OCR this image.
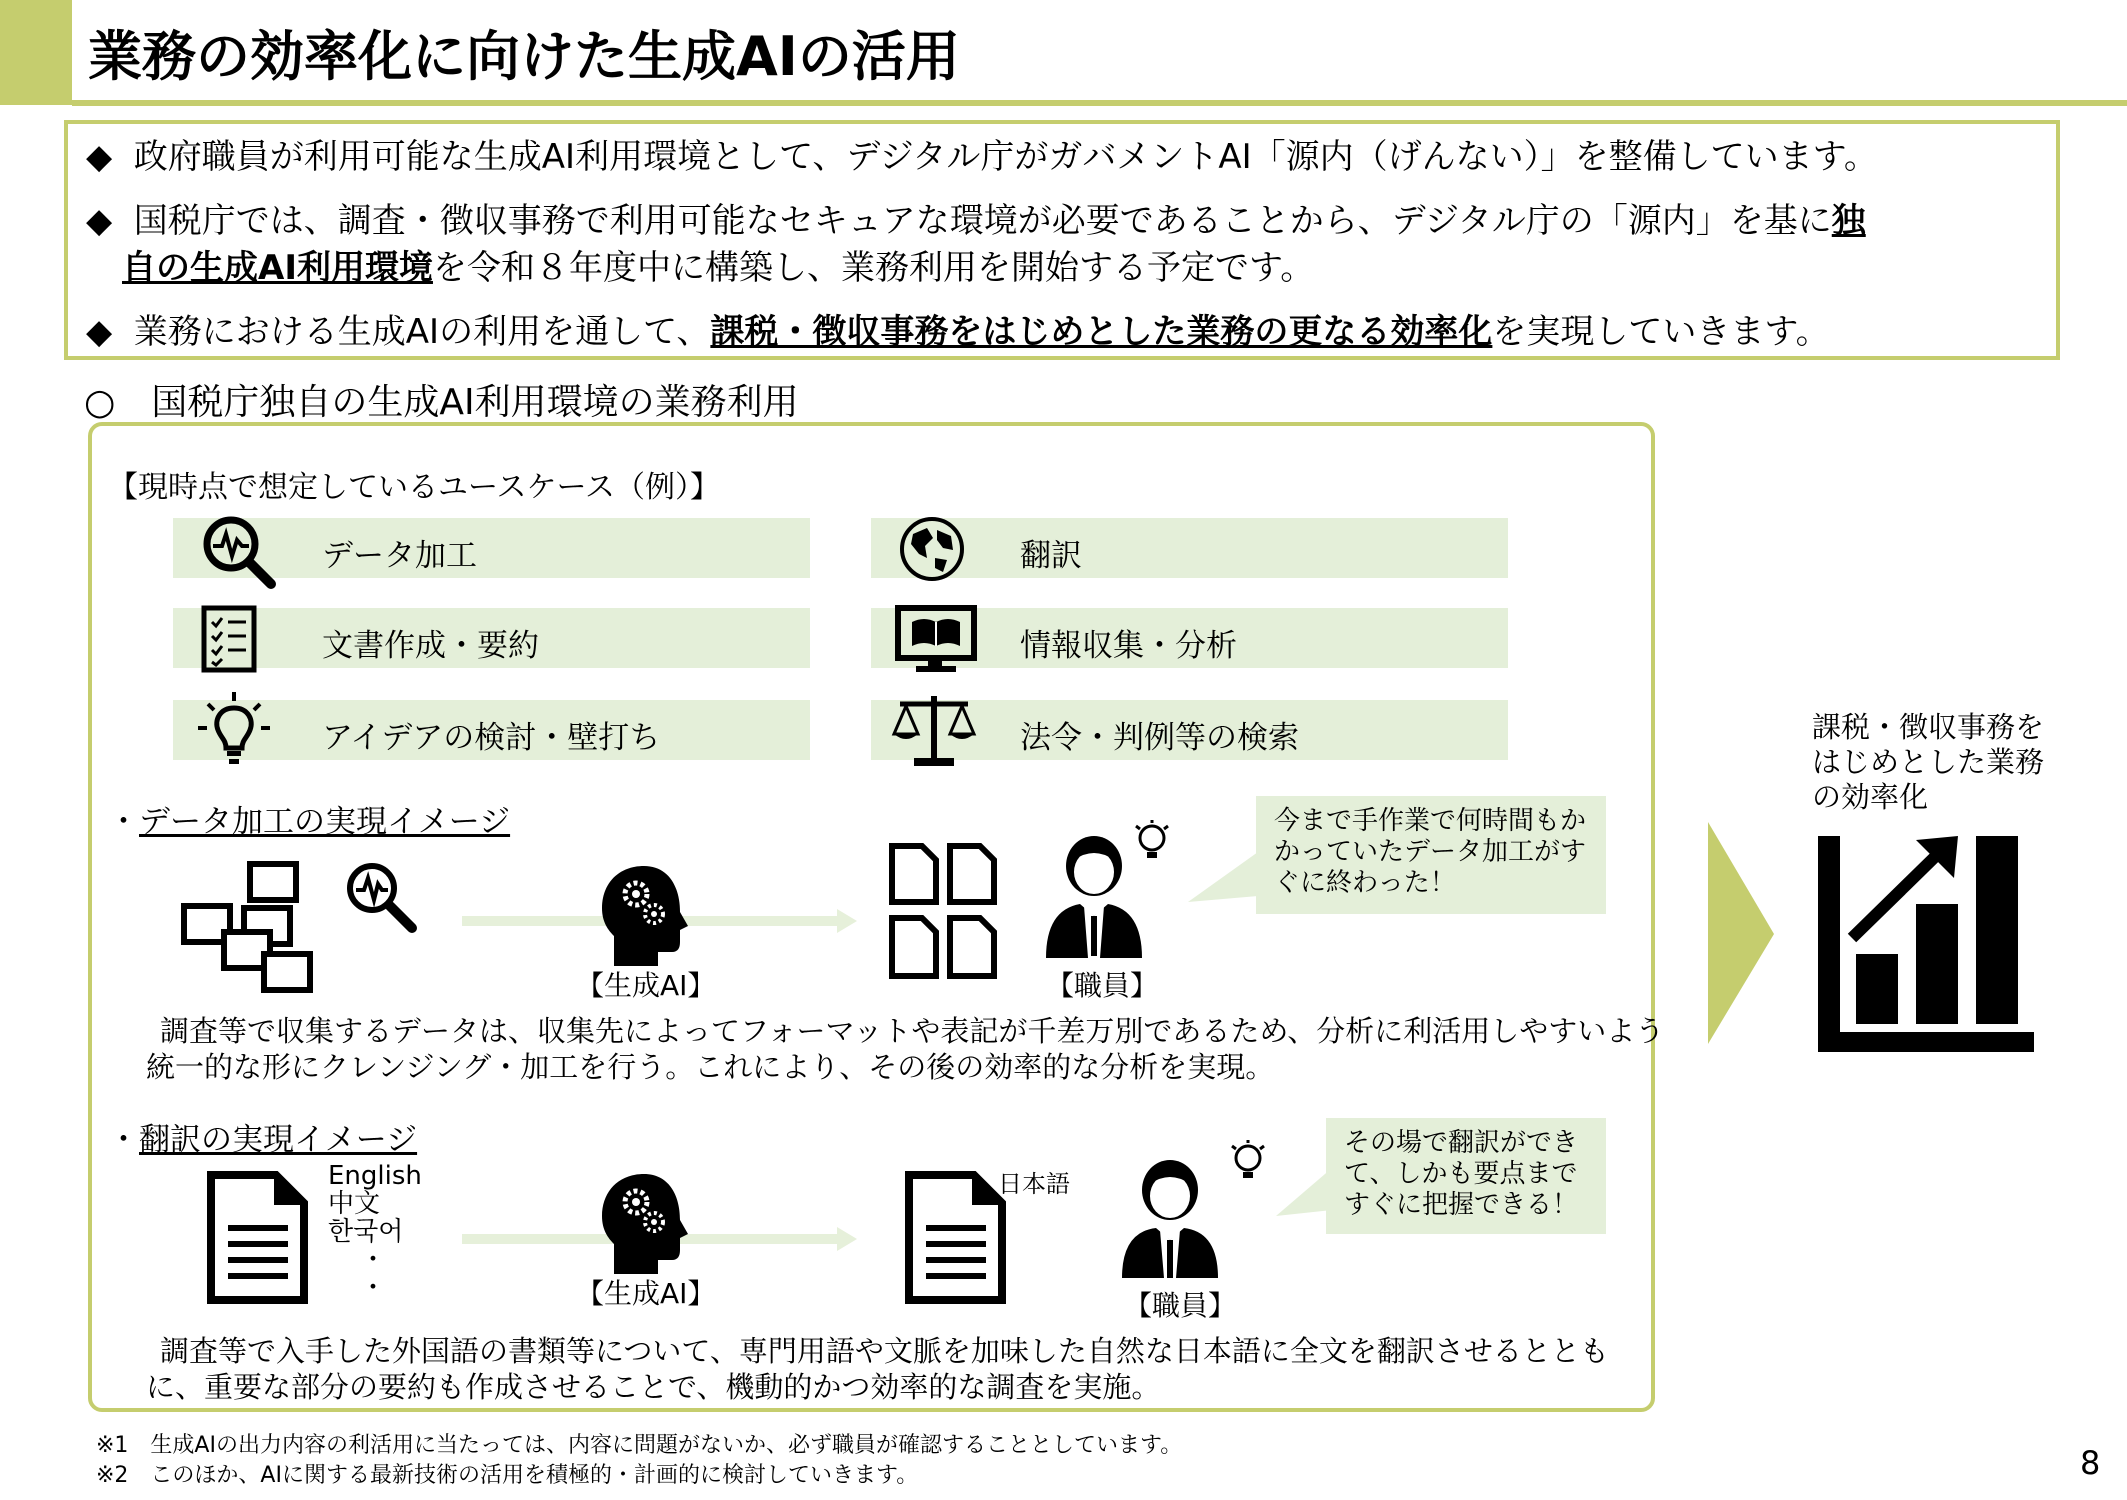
業務の効率化に向けた生成AIの活用
◆ 政府職員が利用可能な生成AI利用環境として、デジタル庁がガバメントAI「源内（げんない）」を整備しています。
◆ 国税庁では、調査・徴収事務で利用可能なセキュアな環境が必要であることから、デジタル庁の「源内」を基に独
自の生成AI利用環境を令和８年度中に構築し、業務利用を開始する予定です。
◆ 業務における生成AIの利用を通して、課税・徴収事務をはじめとした業務の更なる効率化を実現していきます。
○　国税庁独自の生成AI利用環境の業務利用
【現時点で想定しているユースケース（例）】
データ加工	翻訳
文書作成・要約	情報収集・分析
アイデアの検討・壁打ち	法令・判例等の検索
・データ加工の実現イメージ
【生成AI】	【職員】
今まで手作業で何時間もかかっていたデータ加工がすぐに終わった！
調査等で収集するデータは、収集先によってフォーマットや表記が千差万別であるため、分析に利活用しやすいよう
統一的な形にクレンジング・加工を行う。これにより、その後の効率的な分析を実現。
・翻訳の実現イメージ
English
中文
한국어
・
・	【生成AI】
日本語
【職員】
その場で翻訳ができて、しかも要点まですぐに把握できる！
調査等で入手した外国語の書類等について、専門用語や文脈を加味した自然な日本語に全文を翻訳させるととも
に、重要な部分の要約も作成させることで、機動的かつ効率的な調査を実施。
課税・徴収事務をはじめとした業務の効率化
※1　生成AIの出力内容の利活用に当たっては、内容に問題がないか、必ず職員が確認することとしています。
※2　このほか、AIに関する最新技術の活用を積極的・計画的に検討していきます。	8
